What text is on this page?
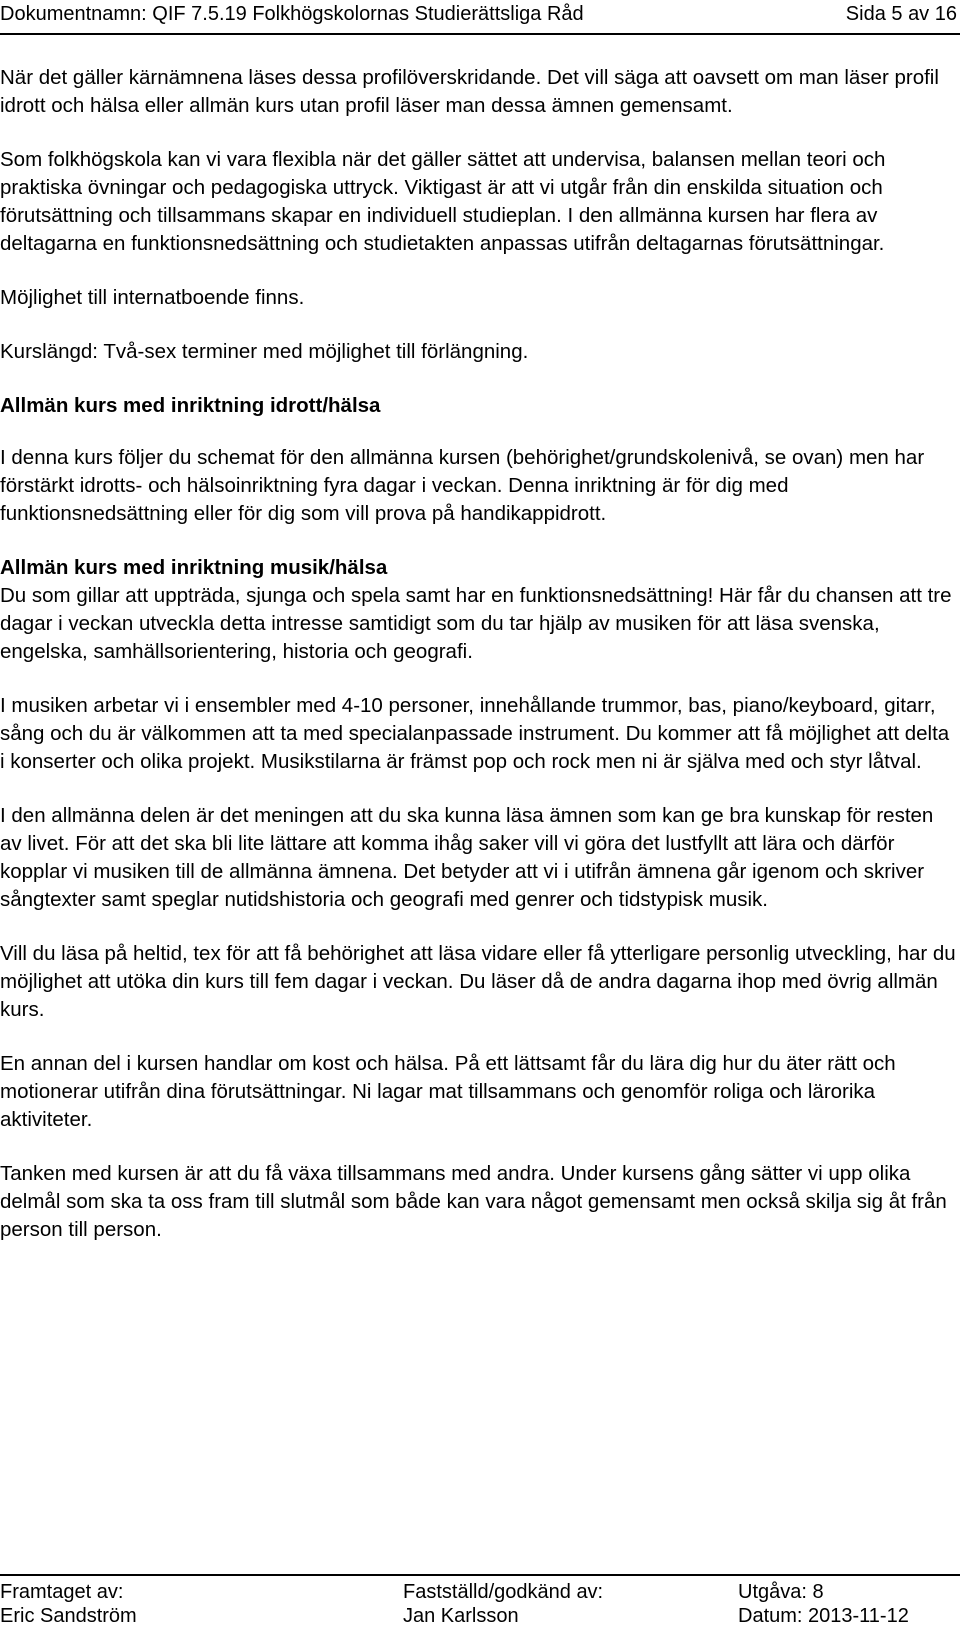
Dokumentnamn: QIF 7.5.19 Folkhögskolornas Studierättsliga Råd	Sida 5 av 16

När det gäller kärnämnena läses dessa profilöverskridande. Det vill säga att oavsett om man läser profil idrott och hälsa eller allmän kurs utan profil läser man dessa ämnen gemensamt.

Som folkhögskola kan vi vara flexibla när det gäller sättet att undervisa, balansen mellan teori och praktiska övningar och pedagogiska uttryck. Viktigast är att vi utgår från din enskilda situation och förutsättning och tillsammans skapar en individuell studieplan. I den allmänna kursen har flera av deltagarna en funktionsnedsättning och studietakten anpassas utifrån deltagarnas förutsättningar.

Möjlighet till internatboende finns.

Kurslängd: Två-sex terminer med möjlighet till förlängning.

Allmän kurs med inriktning idrott/hälsa

I denna kurs följer du schemat för den allmänna kursen (behörighet/grundskolenivå, se ovan) men har förstärkt idrotts- och hälsoinriktning fyra dagar i veckan. Denna inriktning är för dig med funktionsnedsättning eller för dig som vill prova på handikappidrott.

Allmän kurs med inriktning musik/hälsa

Du som gillar att uppträda, sjunga och spela samt har en funktionsnedsättning! Här får du chansen att tre dagar i veckan utveckla detta intresse samtidigt som du tar hjälp av musiken för att läsa svenska, engelska, samhällsorientering, historia och geografi.

I musiken arbetar vi i ensembler med 4-10 personer, innehållande trummor, bas, piano/keyboard, gitarr, sång och du är välkommen att ta med specialanpassade instrument. Du kommer att få möjlighet att delta i konserter och olika projekt. Musikstilarna är främst pop och rock men ni är själva med och styr låtval.

I den allmänna delen är det meningen att du ska kunna läsa ämnen som kan ge bra kunskap för resten av livet. För att det ska bli lite lättare att komma ihåg saker vill vi göra det lustfyllt att lära och därför kopplar vi musiken till de allmänna ämnena. Det betyder att vi i utifrån ämnena går igenom och skriver sångtexter samt speglar nutidshistoria och geografi med genrer och tidstypisk musik.

Vill du läsa på heltid, tex för att få behörighet att läsa vidare eller få ytterligare personlig utveckling, har du möjlighet att utöka din kurs till fem dagar i veckan. Du läser då de andra dagarna ihop med övrig allmän kurs.

En annan del i kursen handlar om kost och hälsa. På ett lättsamt får du lära dig hur du äter rätt och motionerar utifrån dina förutsättningar. Ni lagar mat tillsammans och genomför roliga och lärorika aktiviteter.

Tanken med kursen är att du få växa tillsammans med andra. Under kursens gång sätter vi upp olika delmål som ska ta oss fram till slutmål som både kan vara något gemensamt men också skilja sig åt från person till person.

Framtaget av:
Eric Sandström
Fastställd/godkänd av:
Jan Karlsson
Utgåva: 8
Datum: 2013-11-12
